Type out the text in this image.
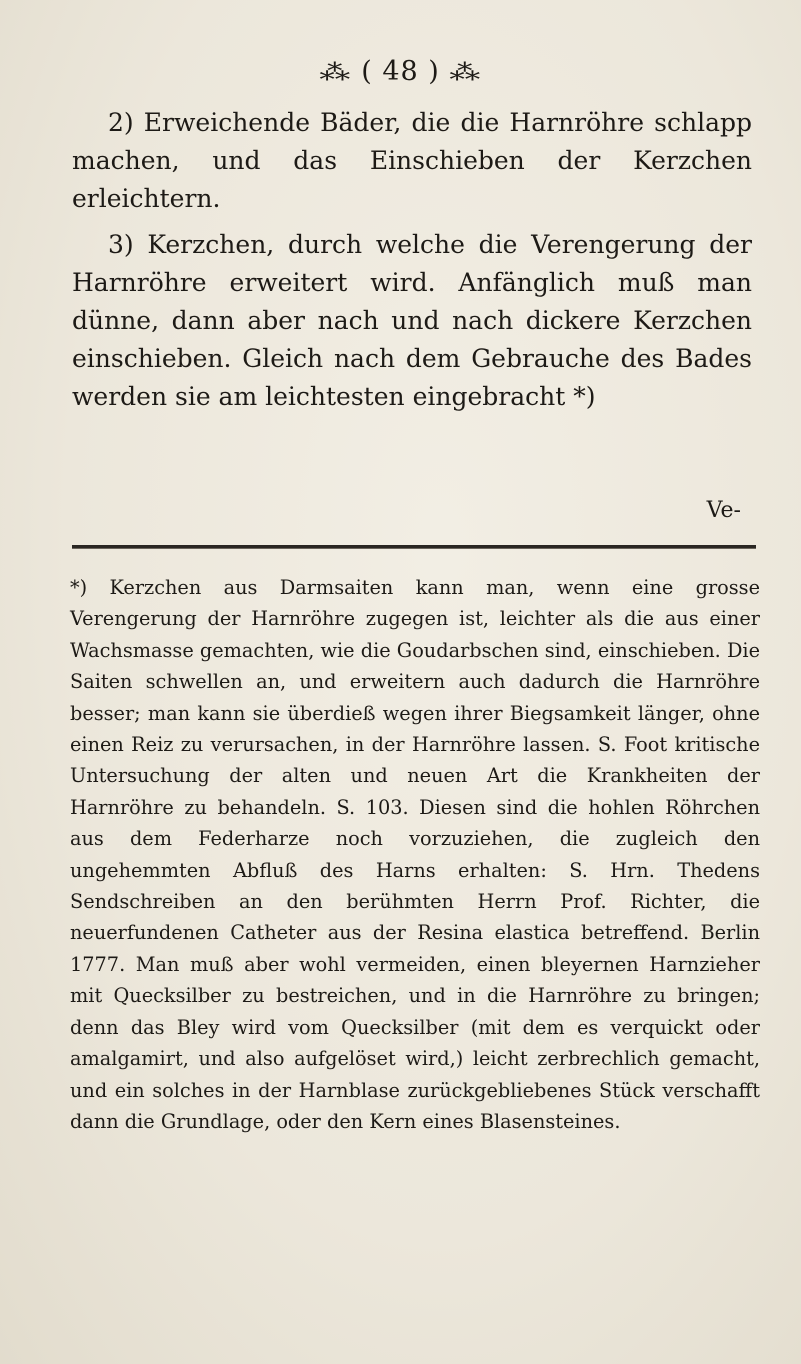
⁂ ( 48 ) ⁂

2) Erweichende Bäder, die die Harnröhre schlapp machen, und das Einschieben der Kerzchen erleichtern.

3) Kerzchen, durch welche die Verengerung der Harnröhre erweitert wird. Anfänglich muß man dünne, dann aber nach und nach dickere Kerzchen einschieben. Gleich nach dem Gebrauche des Bades werden sie am leichtesten eingebracht *)

Ve-

*) Kerzchen aus Darmsaiten kann man, wenn eine grosse Verengerung der Harnröhre zugegen ist, leichter als die aus einer Wachsmasse gemachten, wie die Goudarbschen sind, einschieben. Die Saiten schwellen an, und erweitern auch dadurch die Harnröhre besser; man kann sie überdieß wegen ihrer Biegsamkeit länger, ohne einen Reiz zu verursachen, in der Harnröhre lassen. S. Foot kritische Untersuchung der alten und neuen Art die Krankheiten der Harnröhre zu behandeln. S. 103. Diesen sind die hohlen Röhrchen aus dem Federharze noch vorzuziehen, die zugleich den ungehemmten Abfluß des Harns erhalten: S. Hrn. Thedens Sendschreiben an den berühmten Herrn Prof. Richter, die neuerfundenen Catheter aus der Resina elastica betreffend. Berlin 1777. Man muß aber wohl vermeiden, einen bleyernen Harnzieher mit Quecksilber zu bestreichen, und in die Harnröhre zu bringen; denn das Bley wird vom Quecksilber (mit dem es verquickt oder amalgamirt, und also aufgelöset wird,) leicht zerbrechlich gemacht, und ein solches in der Harnblase zurückgebliebenes Stück verschafft dann die Grundlage, oder den Kern eines Blasensteines.
